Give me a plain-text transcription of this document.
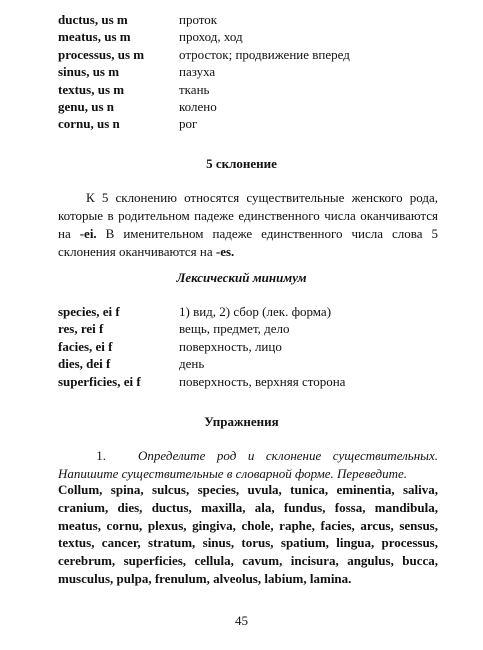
ductus, us m	проток
meatus, us m	проход, ход
processus, us m	отросток; продвижение вперед
sinus, us m	пазуха
textus, us m	ткань
genu, us n	колено
cornu, us n	рог
5 склонение
К 5 склонению относятся существительные женского рода, которые в родительном падеже единственного числа оканчиваются на -ei. В именительном падеже единственного числа слова 5 склонения оканчиваются на -es.
Лексический минимум
species, ei f	1) вид, 2) сбор (лек. форма)
res, rei f	вещь, предмет, дело
facies, ei f	поверхность, лицо
dies, dei f	день
superficies, ei f	поверхность, верхняя сторона
Упражнения
1. Определите род и склонение существительных. Напишите существительные в словарной форме. Переведите.
Collum, spina, sulcus, species, uvula, tunica, eminentia, saliva, cranium, dies, ductus, maxilla, ala, fundus, fossa, mandibula, meatus, cornu, plexus, gingiva, chole, raphe, facies, arcus, sensus, textus, cancer, stratum, sinus, torus, spatium, lingua, processus, cerebrum, superficies, cellula, cavum, incisura, angulus, bucca, musculus, pulpa, frenulum, alveolus, labium, lamina.
45
